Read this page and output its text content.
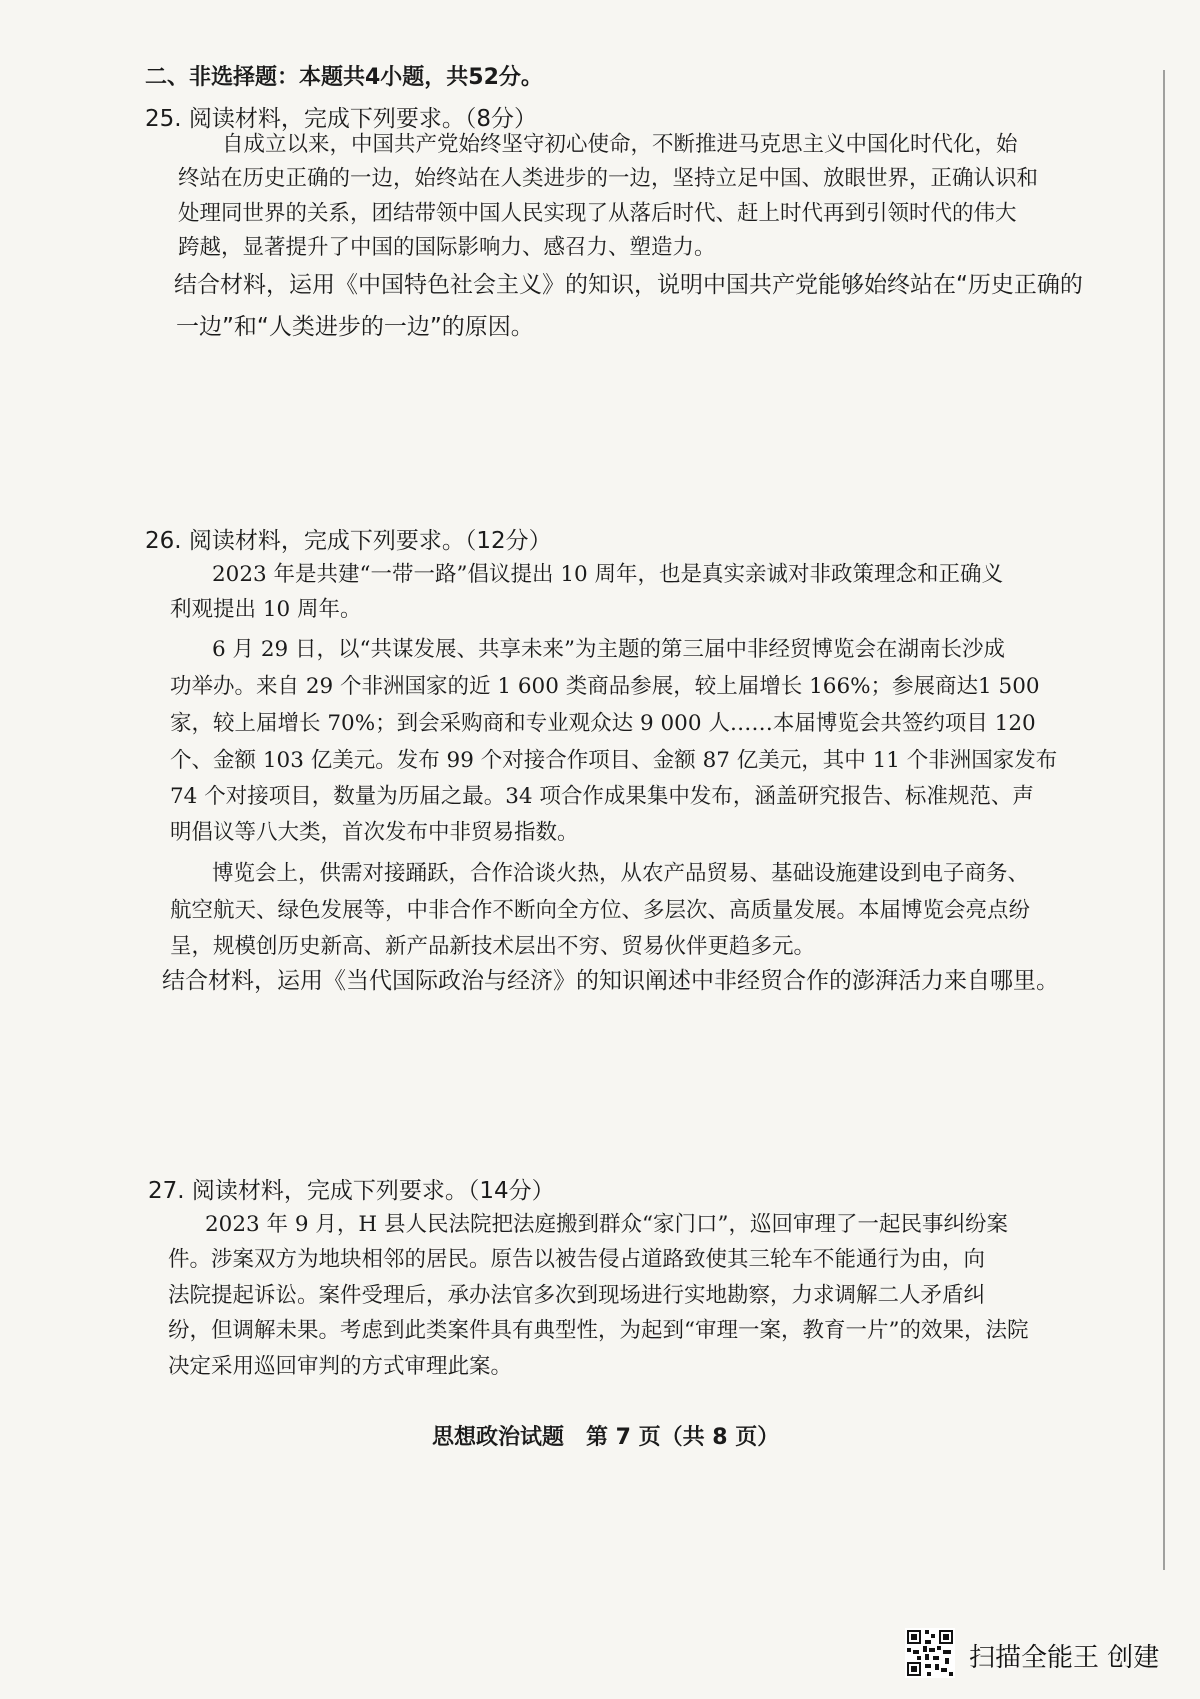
二、非选择题：本题共4小题，共52分。
25. 阅读材料，完成下列要求。（8分）
自成立以来，中国共产党始终坚守初心使命，不断推进马克思主义中国化时代化，始
终站在历史正确的一边，始终站在人类进步的一边，坚持立足中国、放眼世界，正确认识和
处理同世界的关系，团结带领中国人民实现了从落后时代、赶上时代再到引领时代的伟大
跨越，显著提升了中国的国际影响力、感召力、塑造力。
结合材料，运用《中国特色社会主义》的知识，说明中国共产党能够始终站在“历史正确的
一边”和“人类进步的一边”的原因。
26. 阅读材料，完成下列要求。（12分）
2023 年是共建“一带一路”倡议提出 10 周年，也是真实亲诚对非政策理念和正确义
利观提出 10 周年。
6 月 29 日，以“共谋发展、共享未来”为主题的第三届中非经贸博览会在湖南长沙成
功举办。来自 29 个非洲国家的近 1 600 类商品参展，较上届增长 166%；参展商达1 500
家，较上届增长 70%；到会采购商和专业观众达 9 000 人……本届博览会共签约项目 120
个、金额 103 亿美元。发布 99 个对接合作项目、金额 87 亿美元，其中 11 个非洲国家发布
74 个对接项目，数量为历届之最。34 项合作成果集中发布，涵盖研究报告、标准规范、声
明倡议等八大类，首次发布中非贸易指数。
博览会上，供需对接踊跃，合作洽谈火热，从农产品贸易、基础设施建设到电子商务、
航空航天、绿色发展等，中非合作不断向全方位、多层次、高质量发展。本届博览会亮点纷
呈，规模创历史新高、新产品新技术层出不穷、贸易伙伴更趋多元。
结合材料，运用《当代国际政治与经济》的知识阐述中非经贸合作的澎湃活力来自哪里。
27. 阅读材料，完成下列要求。（14分）
2023 年 9 月，H 县人民法院把法庭搬到群众“家门口”，巡回审理了一起民事纠纷案
件。涉案双方为地块相邻的居民。原告以被告侵占道路致使其三轮车不能通行为由，向
法院提起诉讼。案件受理后，承办法官多次到现场进行实地勘察，力求调解二人矛盾纠
纷，但调解未果。考虑到此类案件具有典型性，为起到“审理一案，教育一片”的效果，法院
决定采用巡回审判的方式审理此案。
思想政治试题　第 7 页（共 8 页）
扫描全能王 创建
